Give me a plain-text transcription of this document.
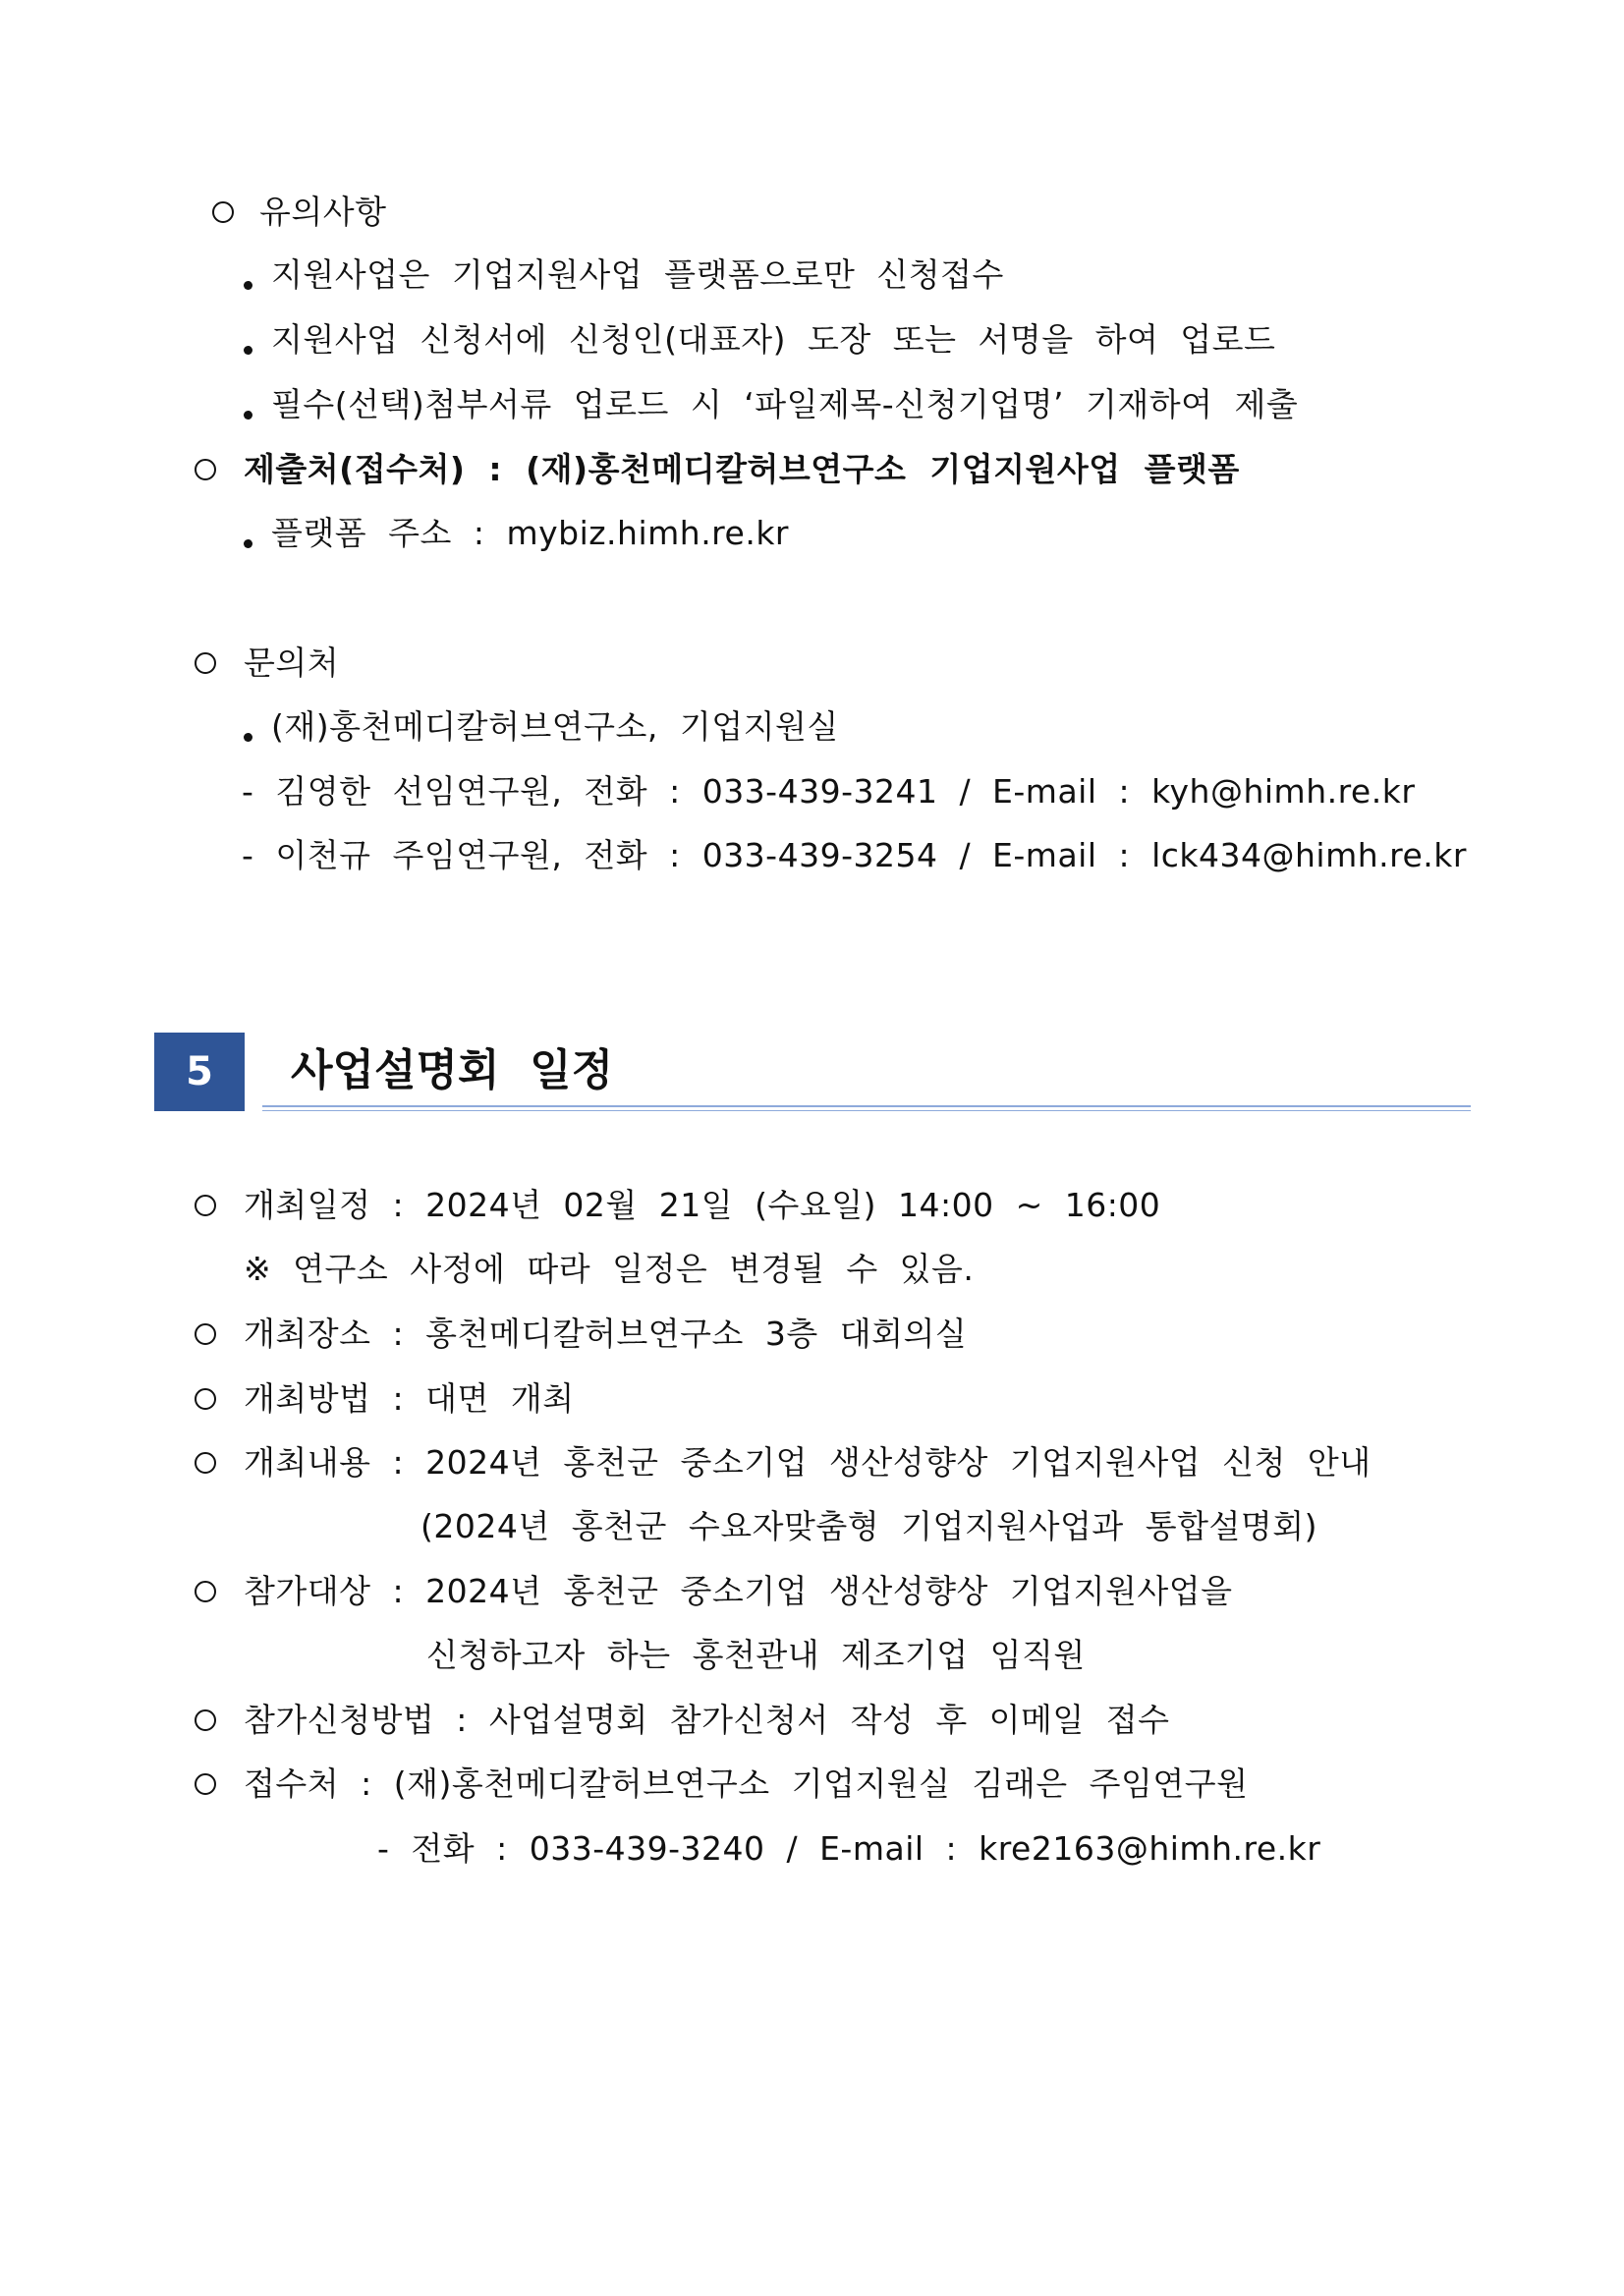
유의사항
지원사업은  기업지원사업  플랫폼으로만  신청접수
지원사업  신청서에  신청인(대표자)  도장  또는  서명을  하여  업로드
필수(선택)첨부서류  업로드  시  ‘파일제목-신청기업명’  기재하여  제출
제출처(접수처)  :  (재)홍천메디칼허브연구소  기업지원사업  플랫폼
플랫폼  주소  :  mybiz.himh.re.kr
문의처
(재)홍천메디칼허브연구소,  기업지원실
-  김영한  선임연구원,  전화  :  033-439-3241  /  E-mail  :  kyh@himh.re.kr
-  이천규  주임연구원,  전화  :  033-439-3254  /  E-mail  :  lck434@himh.re.kr
5	사업설명회  일정
개최일정  :  2024년  02월  21일  (수요일)  14:00  ~  16:00
※  연구소  사정에  따라  일정은  변경될  수  있음.
개최장소  :  홍천메디칼허브연구소  3층  대회의실
개최방법  :  대면  개최
개최내용  :  2024년  홍천군  중소기업  생산성향상  기업지원사업  신청  안내
(2024년  홍천군  수요자맞춤형  기업지원사업과  통합설명회)
참가대상  :  2024년  홍천군  중소기업  생산성향상  기업지원사업을
신청하고자  하는  홍천관내  제조기업  임직원
참가신청방법  :  사업설명회  참가신청서  작성  후  이메일  접수
접수처  :  (재)홍천메디칼허브연구소  기업지원실  김래은  주임연구원
-  전화  :  033-439-3240  /  E-mail  :  kre2163@himh.re.kr
